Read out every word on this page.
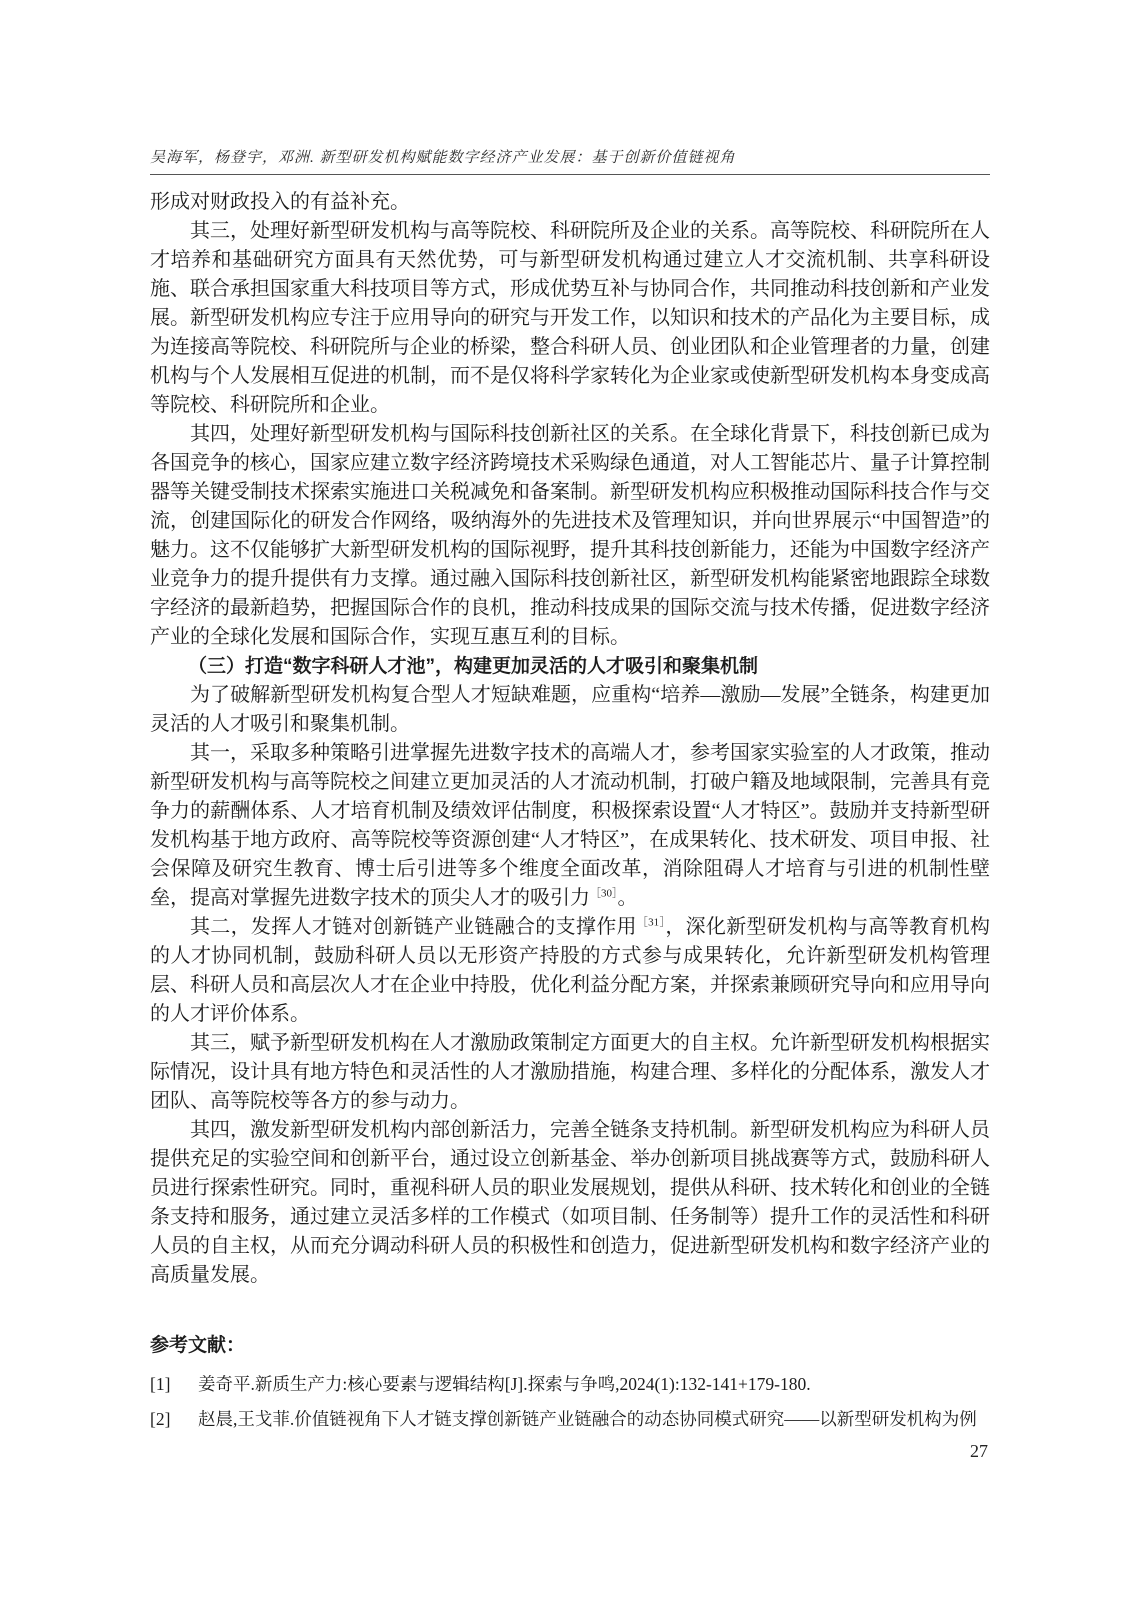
吴海军，杨登宇，邓洲. 新型研发机构赋能数字经济产业发展：基于创新价值链视角

形成对财政投入的有益补充。

其三，处理好新型研发机构与高等院校、科研院所及企业的关系。高等院校、科研院所在人才培养和基础研究方面具有天然优势，可与新型研发机构通过建立人才交流机制、共享科研设施、联合承担国家重大科技项目等方式，形成优势互补与协同合作，共同推动科技创新和产业发展。新型研发机构应专注于应用导向的研究与开发工作，以知识和技术的产品化为主要目标，成为连接高等院校、科研院所与企业的桥梁，整合科研人员、创业团队和企业管理者的力量，创建机构与个人发展相互促进的机制，而不是仅将科学家转化为企业家或使新型研发机构本身变成高等院校、科研院所和企业。

其四，处理好新型研发机构与国际科技创新社区的关系。在全球化背景下，科技创新已成为各国竞争的核心，国家应建立数字经济跨境技术采购绿色通道，对人工智能芯片、量子计算控制器等关键受制技术探索实施进口关税减免和备案制。新型研发机构应积极推动国际科技合作与交流，创建国际化的研发合作网络，吸纳海外的先进技术及管理知识，并向世界展示“中国智造”的魅力。这不仅能够扩大新型研发机构的国际视野，提升其科技创新能力，还能为中国数字经济产业竞争力的提升提供有力支撑。通过融入国际科技创新社区，新型研发机构能紧密地跟踪全球数字经济的最新趋势，把握国际合作的良机，推动科技成果的国际交流与技术传播，促进数字经济产业的全球化发展和国际合作，实现互惠互利的目标。

（三）打造“数字科研人才池”，构建更加灵活的人才吸引和聚集机制

为了破解新型研发机构复合型人才短缺难题，应重构“培养—激励—发展”全链条，构建更加灵活的人才吸引和聚集机制。

其一，采取多种策略引进掌握先进数字技术的高端人才，参考国家实验室的人才政策，推动新型研发机构与高等院校之间建立更加灵活的人才流动机制，打破户籍及地域限制，完善具有竞争力的薪酬体系、人才培育机制及绩效评估制度，积极探索设置“人才特区”。鼓励并支持新型研发机构基于地方政府、高等院校等资源创建“人才特区”，在成果转化、技术研发、项目申报、社会保障及研究生教育、博士后引进等多个维度全面改革，消除阻碍人才培育与引进的机制性壁垒，提高对掌握先进数字技术的顶尖人才的吸引力$^{[30]}$。

其二，发挥人才链对创新链产业链融合的支撑作用$^{[31]}$，深化新型研发机构与高等教育机构的人才协同机制，鼓励科研人员以无形资产持股的方式参与成果转化，允许新型研发机构管理层、科研人员和高层次人才在企业中持股，优化利益分配方案，并探索兼顾研究导向和应用导向的人才评价体系。

其三，赋予新型研发机构在人才激励政策制定方面更大的自主权。允许新型研发机构根据实际情况，设计具有地方特色和灵活性的人才激励措施，构建合理、多样化的分配体系，激发人才团队、高等院校等各方的参与动力。

其四，激发新型研发机构内部创新活力，完善全链条支持机制。新型研发机构应为科研人员提供充足的实验空间和创新平台，通过设立创新基金、举办创新项目挑战赛等方式，鼓励科研人员进行探索性研究。同时，重视科研人员的职业发展规划，提供从科研、技术转化和创业的全链条支持和服务，通过建立灵活多样的工作模式（如项目制、任务制等）提升工作的灵活性和科研人员的自主权，从而充分调动科研人员的积极性和创造力，促进新型研发机构和数字经济产业的高质量发展。

参考文献：

[1]	姜奇平.新质生产力:核心要素与逻辑结构[J].探索与争鸣,2024(1):132-141+179-180.

[2]	赵晨,王戈菲.价值链视角下人才链支撑创新链产业链融合的动态协同模式研究——以新型研发机构为例

27
